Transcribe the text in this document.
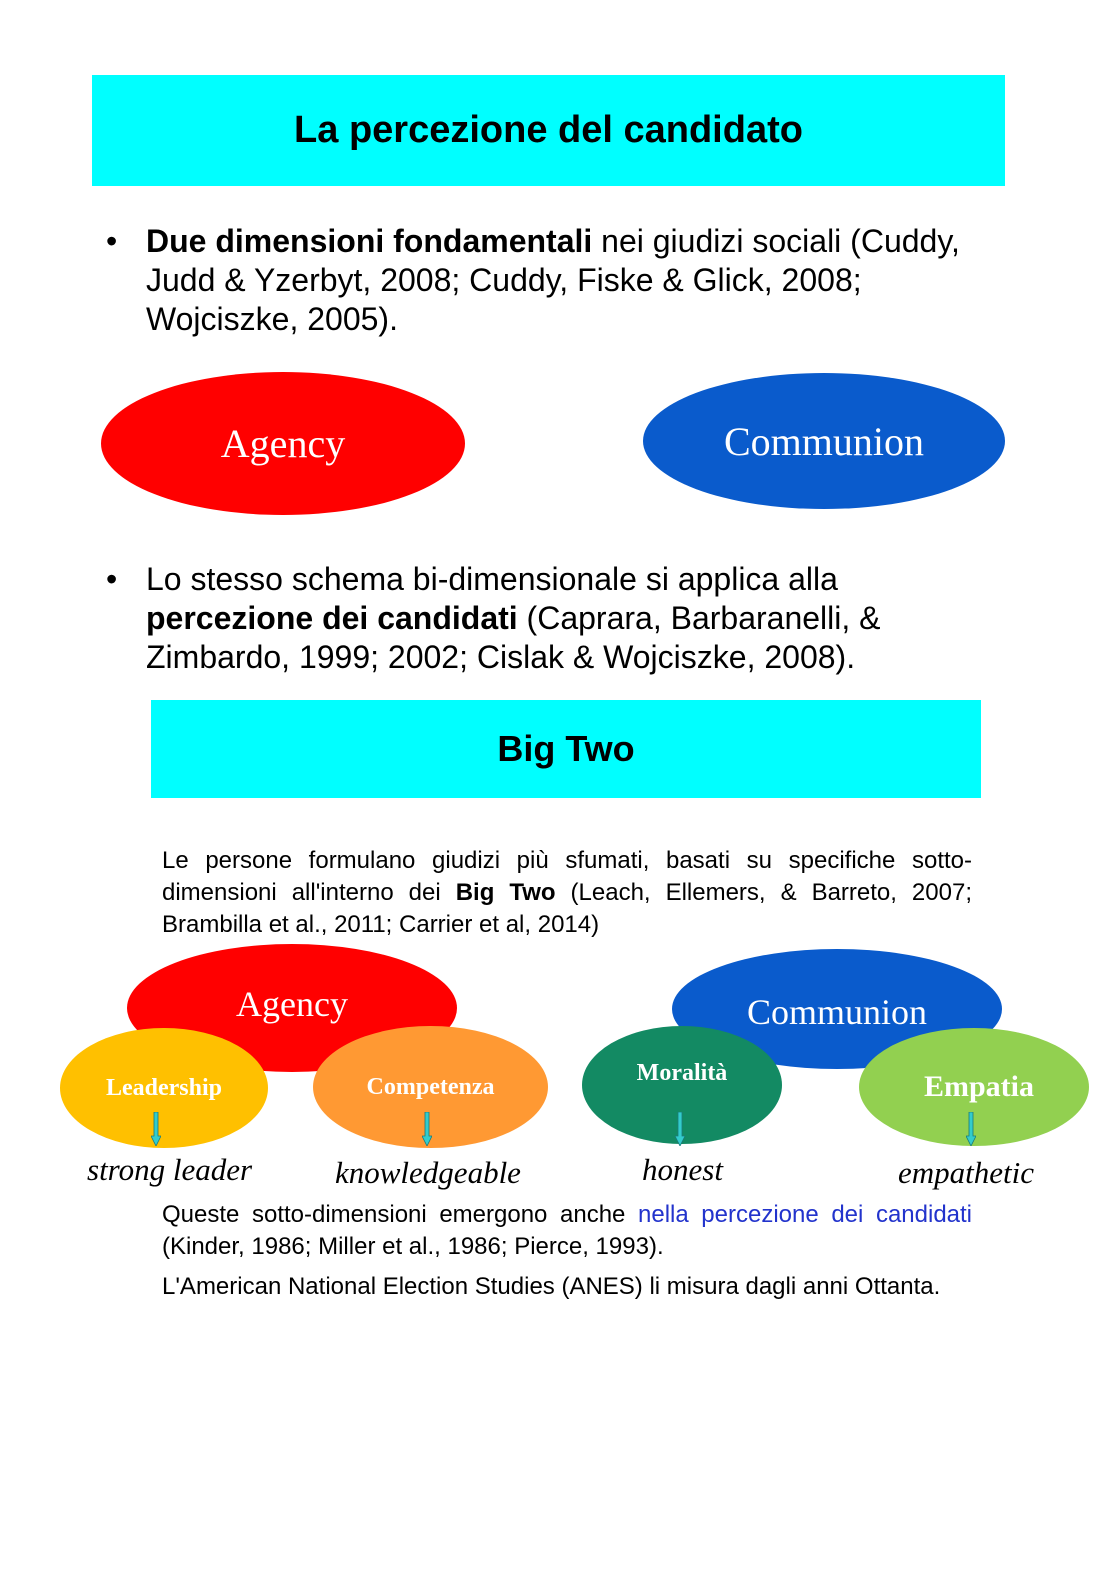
La percezione del candidato
• Due dimensioni fondamentali nei giudizi sociali (Cuddy, Judd & Yzerbyt, 2008; Cuddy, Fiske & Glick, 2008; Wojciszke, 2005).
Agency	Communion
• Lo stesso schema bi-dimensionale si applica alla percezione dei candidati (Caprara, Barbaranelli, & Zimbardo, 1999; 2002; Cislak & Wojciszke, 2008).
Big Two
Le persone formulano giudizi più sfumati, basati su specifiche sotto-dimensioni all'interno dei Big Two (Leach, Ellemers, & Barreto, 2007; Brambilla et al., 2011; Carrier et al, 2014)
Agency	Communion
Leadership	Competenza
Moralità	Empatia
strong leader	knowledgeable	honest	empathetic
Queste sotto-dimensioni emergono anche nella percezione dei candidati (Kinder, 1986; Miller et al., 1986; Pierce, 1993).
L'American National Election Studies (ANES) li misura dagli anni Ottanta.
